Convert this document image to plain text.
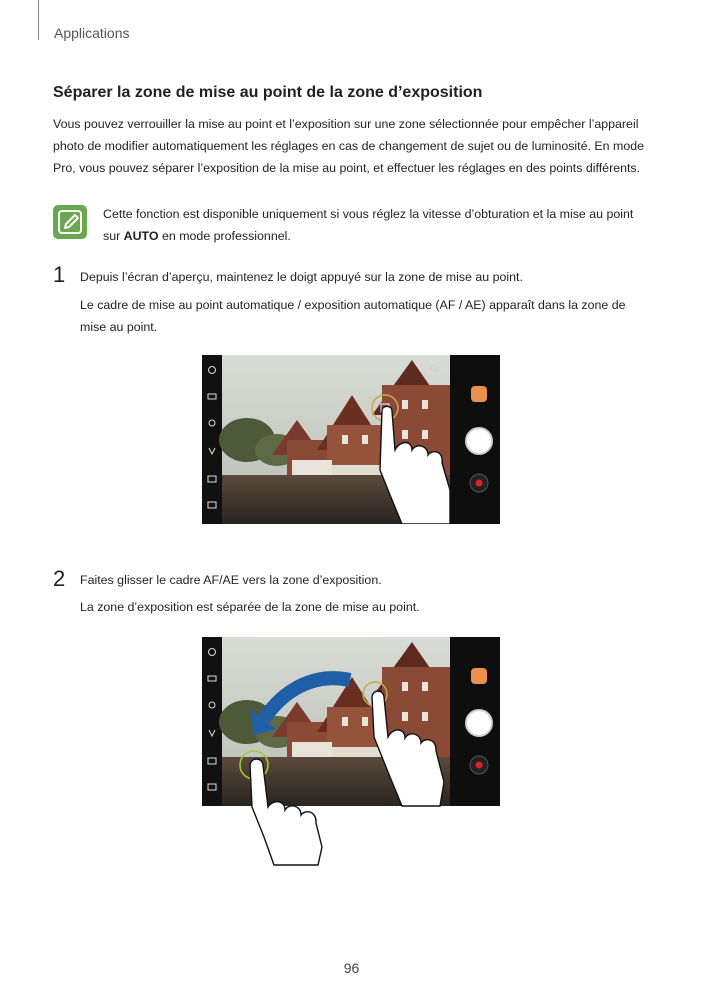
Applications
Séparer la zone de mise au point de la zone d’exposition

Vous pouvez verrouiller la mise au point et l’exposition sur une zone sélectionnée pour empêcher l’appareil photo de modifier automatiquement les réglages en cas de changement de sujet ou de luminosité. En mode Pro, vous pouvez séparer l’exposition de la mise au point, et effectuer les réglages en des points différents.

Cette fonction est disponible uniquement si vous réglez la vitesse d’obturation et la mise au point sur AUTO en mode professionnel.

1 Depuis l’écran d’aperçu, maintenez le doigt appuyé sur la zone de mise au point.

Le cadre de mise au point automatique / exposition automatique (AF / AE) apparaît dans la zone de mise au point.

2 Faites glisser le cadre AF/AE vers la zone d’exposition.

La zone d’exposition est séparée de la zone de mise au point.

96
